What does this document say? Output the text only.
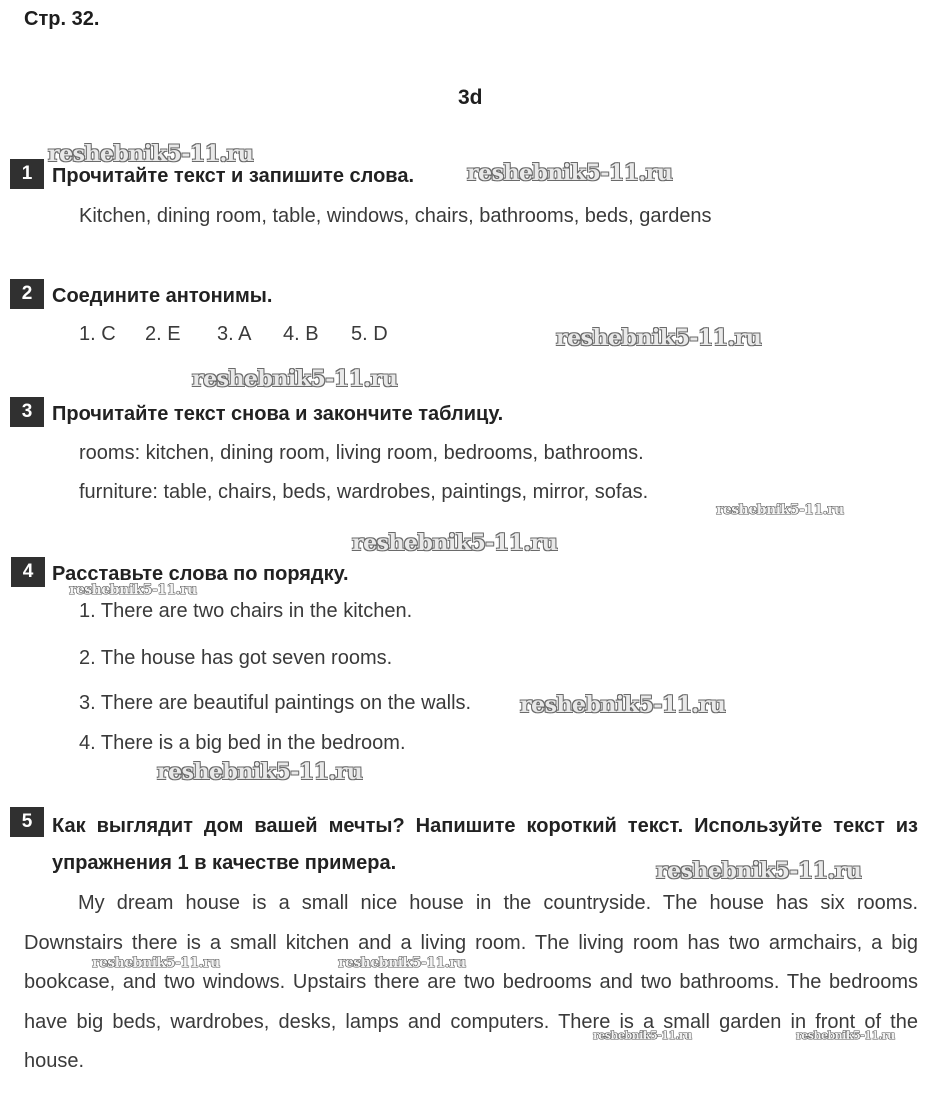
Стр. 32.
3d
1 Прочитайте текст и запишите слова.
Kitchen, dining room, table, windows, chairs, bathrooms, beds, gardens
2 Соедините антонимы.
1. C 2. E 3. A 4. B 5. D
3 Прочитайте текст снова и закончите таблицу.
rooms: kitchen, dining room, living room, bedrooms, bathrooms.
furniture: table, chairs, beds, wardrobes, paintings, mirror, sofas.
4 Расставьте слова по порядку.
1. There are two chairs in the kitchen.
2. The house has got seven rooms.
3. There are beautiful paintings on the walls.
4. There is a big bed in the bedroom.
5 Как выглядит дом вашей мечты? Напишите короткий текст. Используйте текст из упражнения 1 в качестве примера.

My dream house is a small nice house in the countryside. The house has six rooms. Downstairs there is a small kitchen and a living room. The living room has two armchairs, a big bookcase, and two windows. Upstairs there are two bedrooms and two bathrooms. The bedrooms have big beds, wardrobes, desks, lamps and computers. There is a small garden in front of the house.

reshebnik5-11.ru
reshebnik5-11.ru
reshebnik5-11.ru
reshebnik5-11.ru
reshebnik5-11.ru
reshebnik5-11.ru
reshebnik5-11.ru
reshebnik5-11.ru
reshebnik5-11.ru
reshebnik5-11.ru
reshebnik5-11.ru	reshebnik5-11.ru
reshebnik5-11.ru	reshebnik5-11.ru
